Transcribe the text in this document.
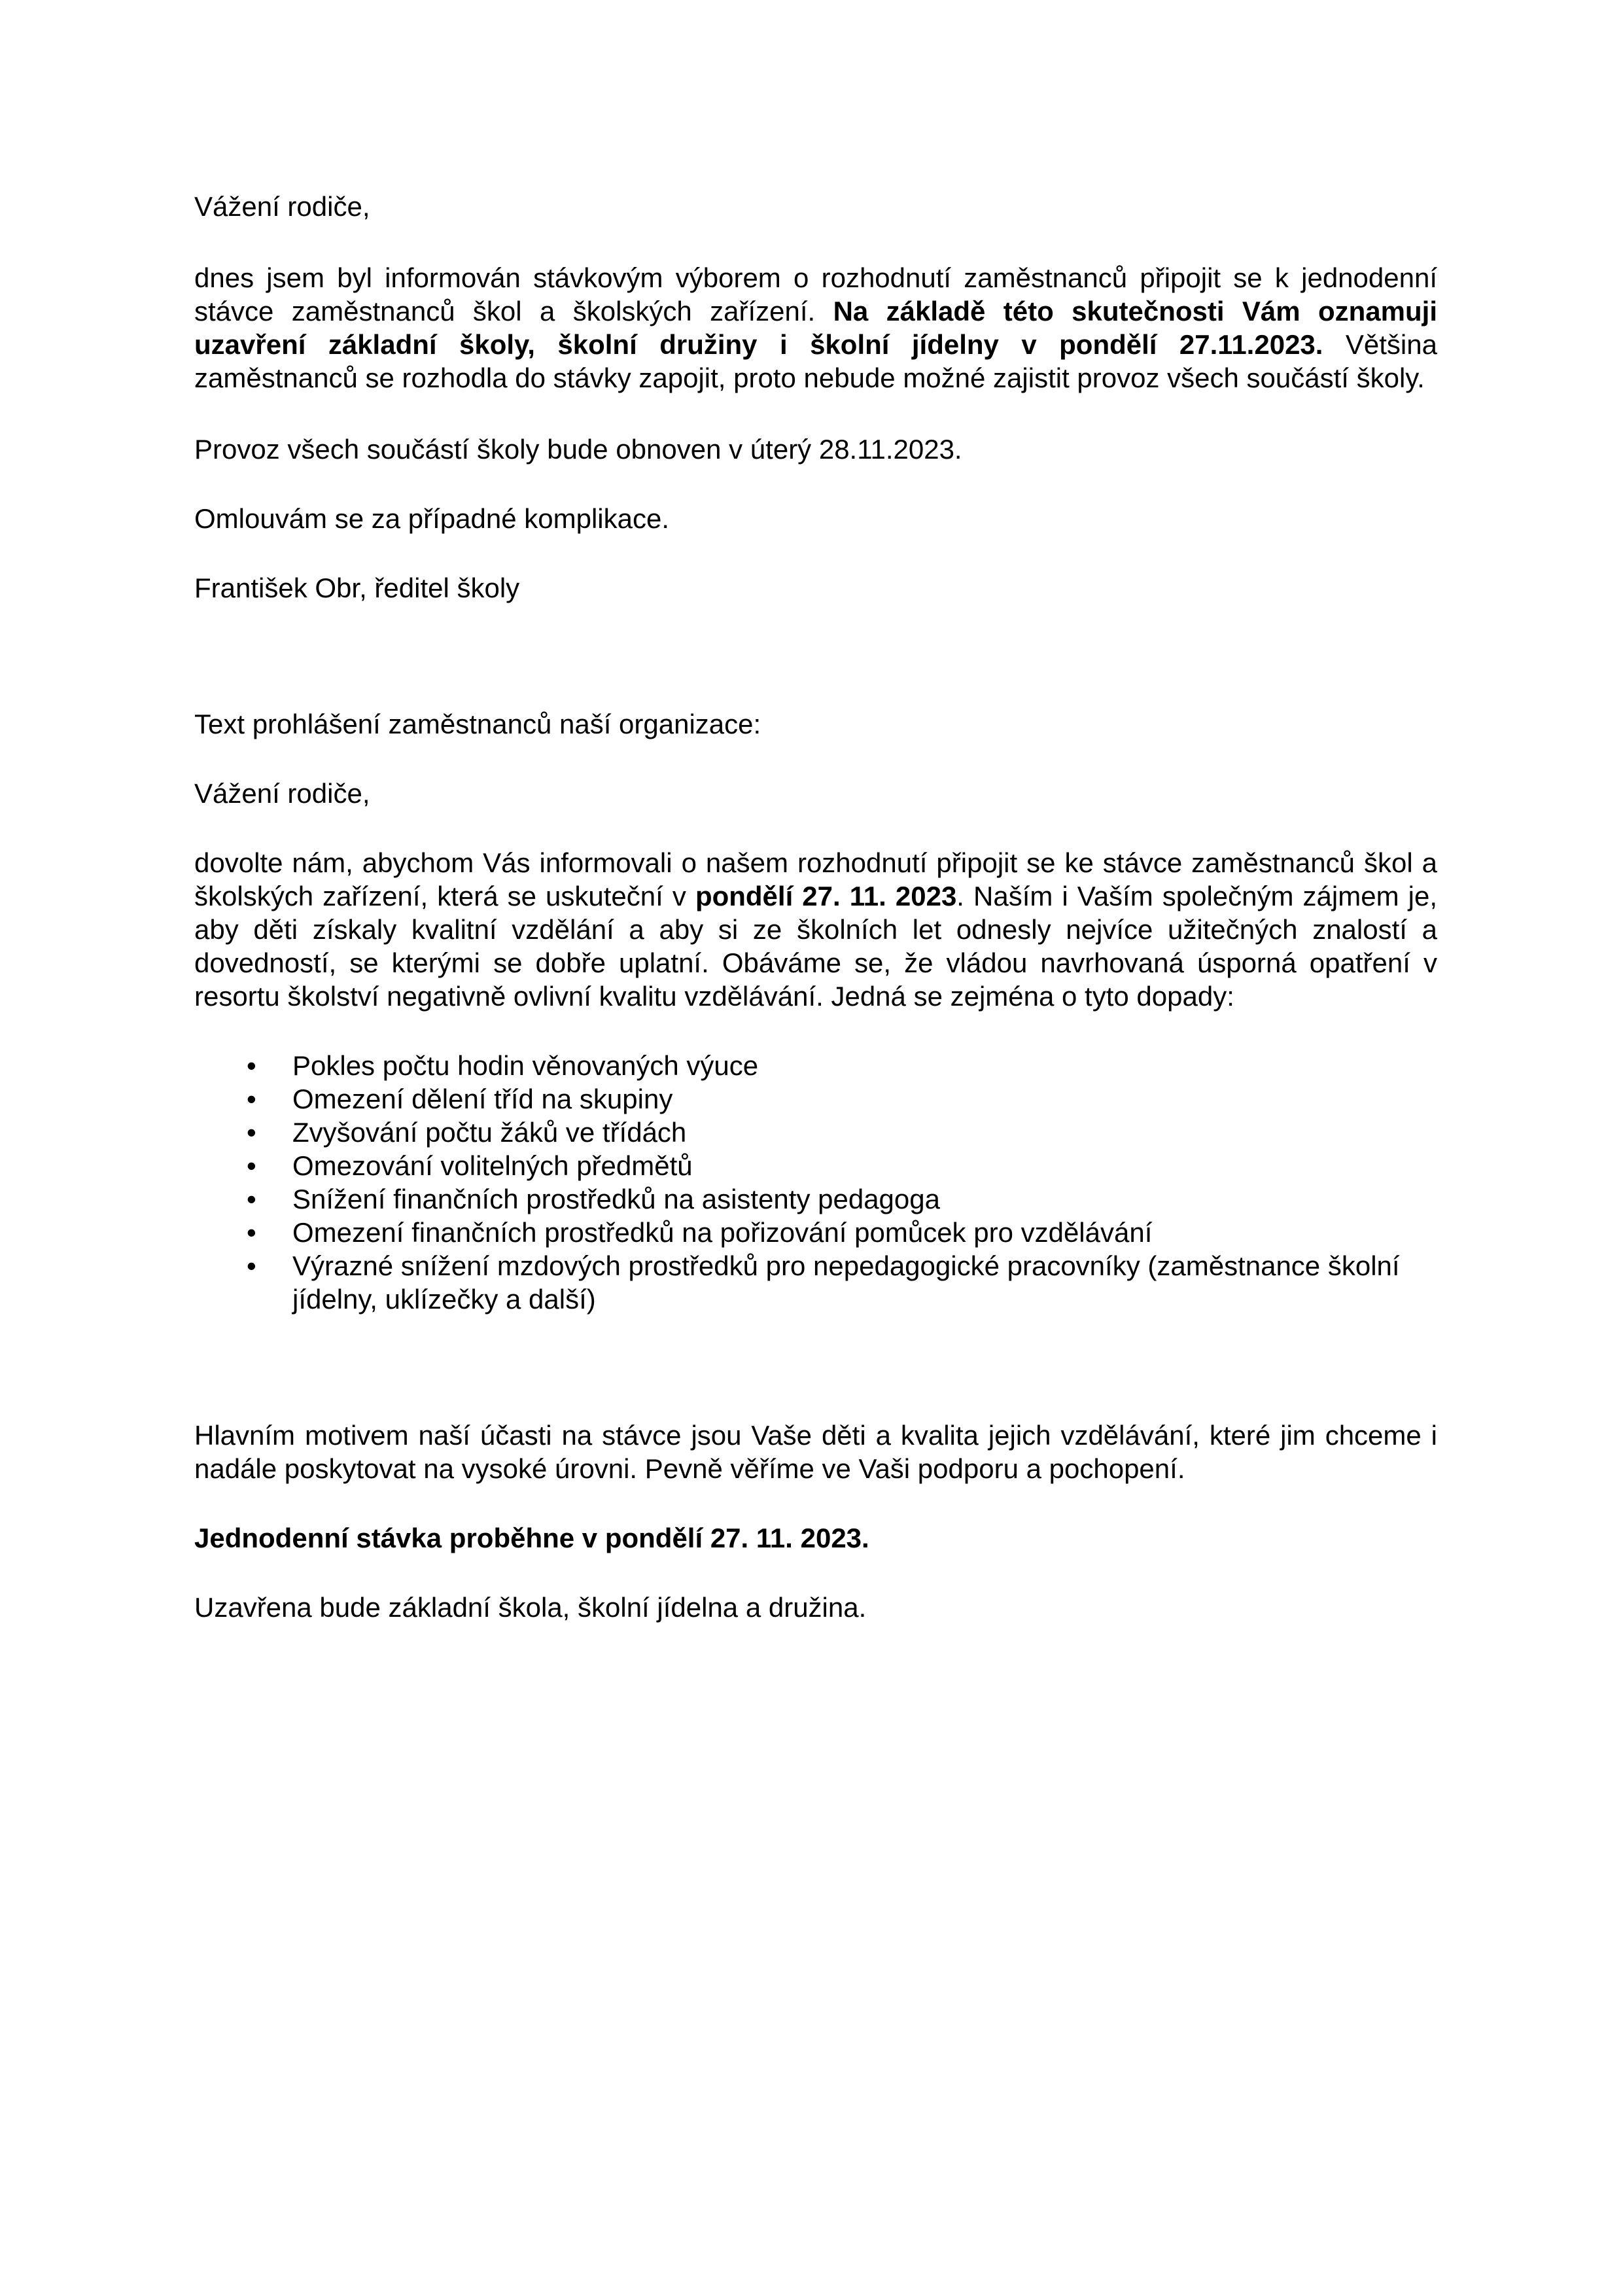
Vážení rodiče,

dnes jsem byl informován stávkovým výborem o rozhodnutí zaměstnanců připojit se k jednodenní stávce zaměstnanců škol a školských zařízení. Na základě této skutečnosti Vám oznamuji uzavření základní školy, školní družiny i školní jídelny v pondělí 27.11.2023. Většina zaměstnanců se rozhodla do stávky zapojit, proto nebude možné zajistit provoz všech součástí školy.

Provoz všech součástí školy bude obnoven v úterý 28.11.2023.

Omlouvám se za případné komplikace.

František Obr, ředitel školy

Text prohlášení zaměstnanců naší organizace:

Vážení rodiče,

dovolte nám, abychom Vás informovali o našem rozhodnutí připojit se ke stávce zaměstnanců škol a školských zařízení, která se uskuteční v pondělí 27. 11. 2023. Naším i Vaším společným zájmem je, aby děti získaly kvalitní vzdělání a aby si ze školních let odnesly nejvíce užitečných znalostí a dovedností, se kterými se dobře uplatní. Obáváme se, že vládou navrhovaná úsporná opatření v resortu školství negativně ovlivní kvalitu vzdělávání. Jedná se zejména o tyto dopady:

• Pokles počtu hodin věnovaných výuce
• Omezení dělení tříd na skupiny
• Zvyšování počtu žáků ve třídách
• Omezování volitelných předmětů
• Snížení finančních prostředků na asistenty pedagoga
• Omezení finančních prostředků na pořizování pomůcek pro vzdělávání
• Výrazné snížení mzdových prostředků pro nepedagogické pracovníky (zaměstnance školní jídelny, uklízečky a další)

Hlavním motivem naší účasti na stávce jsou Vaše děti a kvalita jejich vzdělávání, které jim chceme i nadále poskytovat na vysoké úrovni. Pevně věříme ve Vaši podporu a pochopení.

Jednodenní stávka proběhne v pondělí 27. 11. 2023.

Uzavřena bude základní škola, školní jídelna a družina.
